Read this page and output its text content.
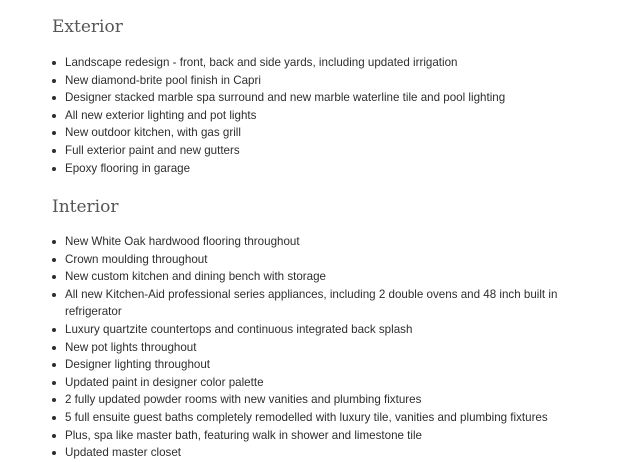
Exterior
Landscape redesign - front, back and side yards, including updated irrigation
New diamond-brite pool finish in Capri
Designer stacked marble spa surround and new marble waterline tile and pool lighting
All new exterior lighting and pot lights
New outdoor kitchen, with gas grill
Full exterior paint and new gutters
Epoxy flooring in garage
Interior
New White Oak hardwood flooring throughout
Crown moulding throughout
New custom kitchen and dining bench with storage
All new Kitchen-Aid professional series appliances, including 2 double ovens and 48 inch built in refrigerator
Luxury quartzite countertops and continuous integrated back splash
New pot lights throughout
Designer lighting throughout
Updated paint in designer color palette
2 fully updated powder rooms with new vanities and plumbing fixtures
5 full ensuite guest baths completely remodelled with luxury tile, vanities and plumbing fixtures
Plus, spa like master bath, featuring walk in shower and limestone tile
Updated master closet
